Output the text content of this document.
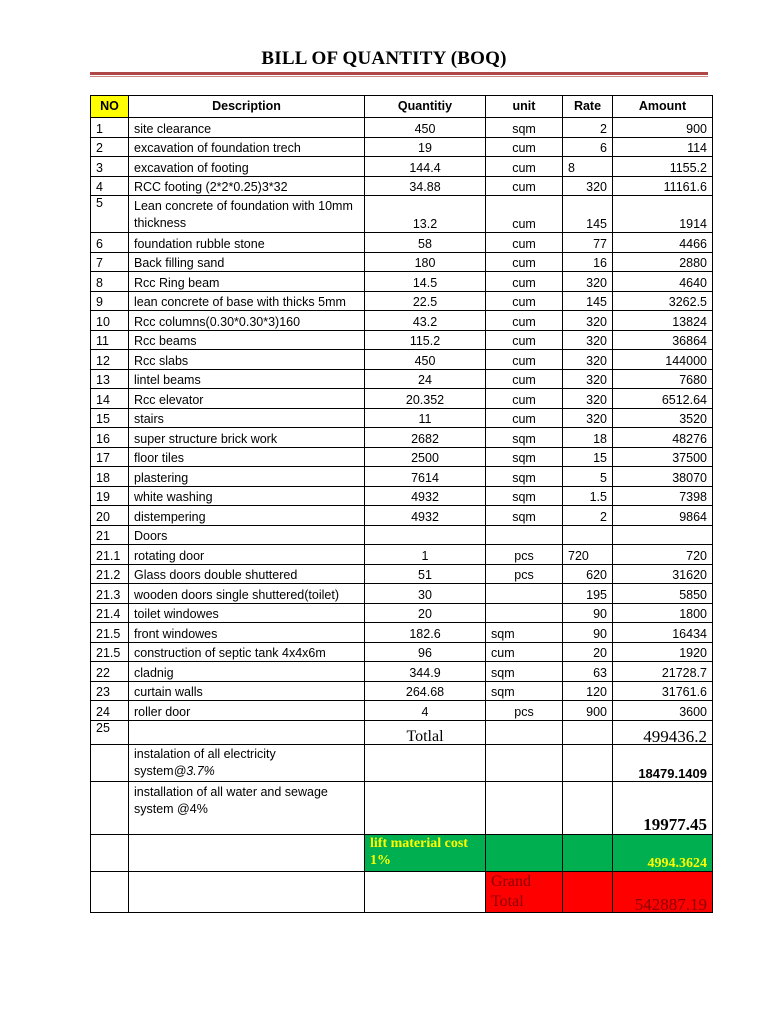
BILL OF QUANTITY (BOQ)
NO	Description	Quantitiy	unit	Rate	Amount
1	site clearance	450	sqm	2	900
2	excavation of foundation trech	19	cum	6	114
3	excavation of footing	144.4	cum	8	1155.2
4	RCC footing (2*2*0.25)3*32	34.88	cum	320	11161.6
5	Lean concrete of foundation with 10mm thickness	13.2	cum	145	1914
6	foundation rubble stone	58	cum	77	4466
7	Back filling sand	180	cum	16	2880
8	Rcc Ring beam	14.5	cum	320	4640
9	lean concrete of base with thicks 5mm	22.5	cum	145	3262.5
10	Rcc columns(0.30*0.30*3)160	43.2	cum	320	13824
11	Rcc beams	115.2	cum	320	36864
12	Rcc slabs	450	cum	320	144000
13	lintel beams	24	cum	320	7680
14	Rcc elevator	20.352	cum	320	6512.64
15	stairs	11	cum	320	3520
16	super structure brick work	2682	sqm	18	48276
17	floor tiles	2500	sqm	15	37500
18	plastering	7614	sqm	5	38070
19	white washing	4932	sqm	1.5	7398
20	distempering	4932	sqm	2	9864
21	Doors				
21.1	rotating door	1	pcs	720	720
21.2	Glass doors double shuttered	51	pcs	620	31620
21.3	wooden doors single shuttered(toilet)	30		195	5850
21.4	toilet windowes	20		90	1800
21.5	front windowes	182.6	sqm	90	16434
21.5	construction of septic tank 4x4x6m	96	cum	20	1920
22	cladnig	344.9	sqm	63	21728.7
23	curtain walls	264.68	sqm	120	31761.6
24	roller door	4	pcs	900	3600
25		Totlal			499436.2
	instalation of all electricity system@3.7%				18479.1409
	installation of all water and sewage system @4%				19977.45
		lift material cost 1%			4994.3624
			Grand Total		542887.19
